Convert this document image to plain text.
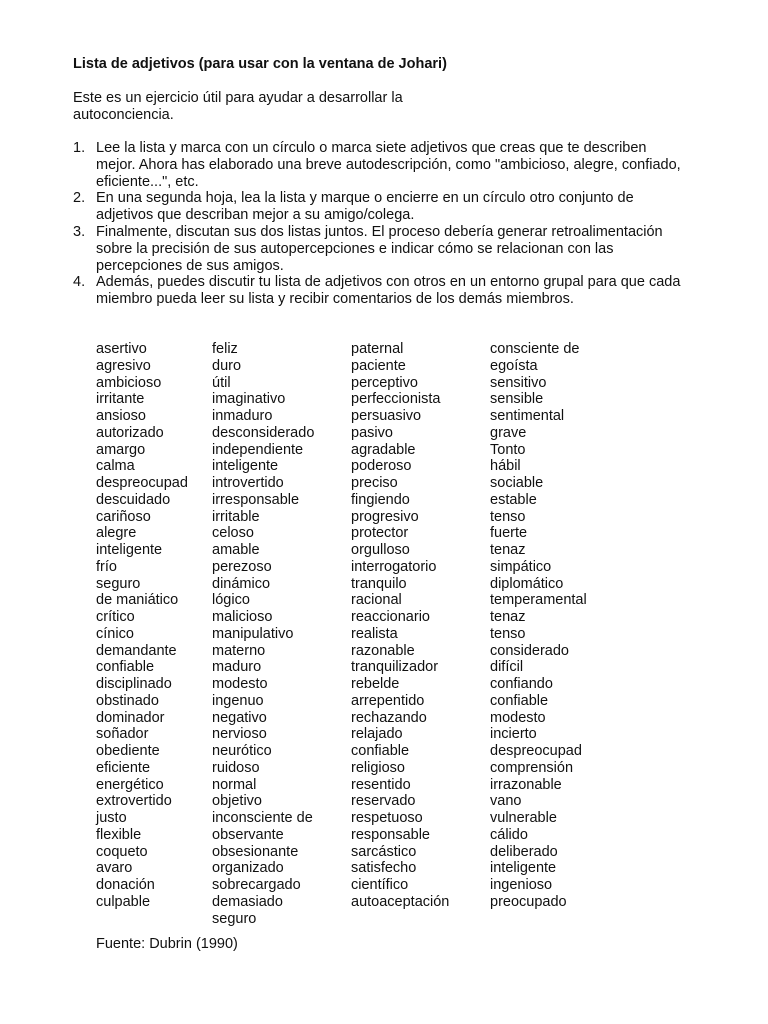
Lista de adjetivos (para usar con la ventana de Johari)
Este es un ejercicio útil para ayudar a desarrollar la autoconciencia.
1. Lee la lista y marca con un círculo o marca siete adjetivos que creas que te describen mejor. Ahora has elaborado una breve autodescripción, como "ambicioso, alegre, confiado, eficiente...", etc.
2. En una segunda hoja, lea la lista y marque o encierre en un círculo otro conjunto de adjetivos que describan mejor a su amigo/colega.
3. Finalmente, discutan sus dos listas juntos. El proceso debería generar retroalimentación sobre la precisión de sus autopercepciones e indicar cómo se relacionan con las percepciones de sus amigos.
4. Además, puedes discutir tu lista de adjetivos con otros en un entorno grupal para que cada miembro pueda leer su lista y recibir comentarios de los demás miembros.
asertivo
agresivo
ambicioso
irritante
ansioso
autorizado
amargo
calma
despreocupad
descuidado
cariñoso
alegre
inteligente
frío
seguro
de maniático
crítico
cínico
demandante
confiable
disciplinado
obstinado
dominador
soñador
obediente
eficiente
energético
extrovertido
justo
flexible
coqueto
avaro
donación
culpable
feliz
duro
útil
imaginativo
inmaduro
desconsiderado
independiente
inteligente
introvertido
irresponsable
irritable
celoso
amable
perezoso
dinámico
lógico
malicioso
manipulativo
materno
maduro
modesto
ingenuo
negativo
nervioso
neurótico
ruidoso
normal
objetivo
inconsciente de
observante
obsesionante
organizado
sobrecargado
demasiado
seguro
paternal
paciente
perceptivo
perfeccionista
persuasivo
pasivo
agradable
poderoso
preciso
fingiendo
progresivo
protector
orgulloso
interrogatorio
tranquilo
racional
reaccionario
realista
razonable
tranquilizador
rebelde
arrepentido
rechazando
relajado
confiable
religioso
resentido
reservado
respetuoso
responsable
sarcástico
satisfecho
científico
autoaceptación
consciente de
egoísta
sensitivo
sensible
sentimental
grave
Tonto
hábil
sociable
estable
tenso
fuerte
tenaz
simpático
diplomático
temperamental
tenaz
tenso
considerado
difícil
confiando
confiable
modesto
incierto
despreocupad
comprensión
irrazonable
vano
vulnerable
cálido
deliberado
inteligente
ingenioso
preocupado
Fuente: Dubrin (1990)
